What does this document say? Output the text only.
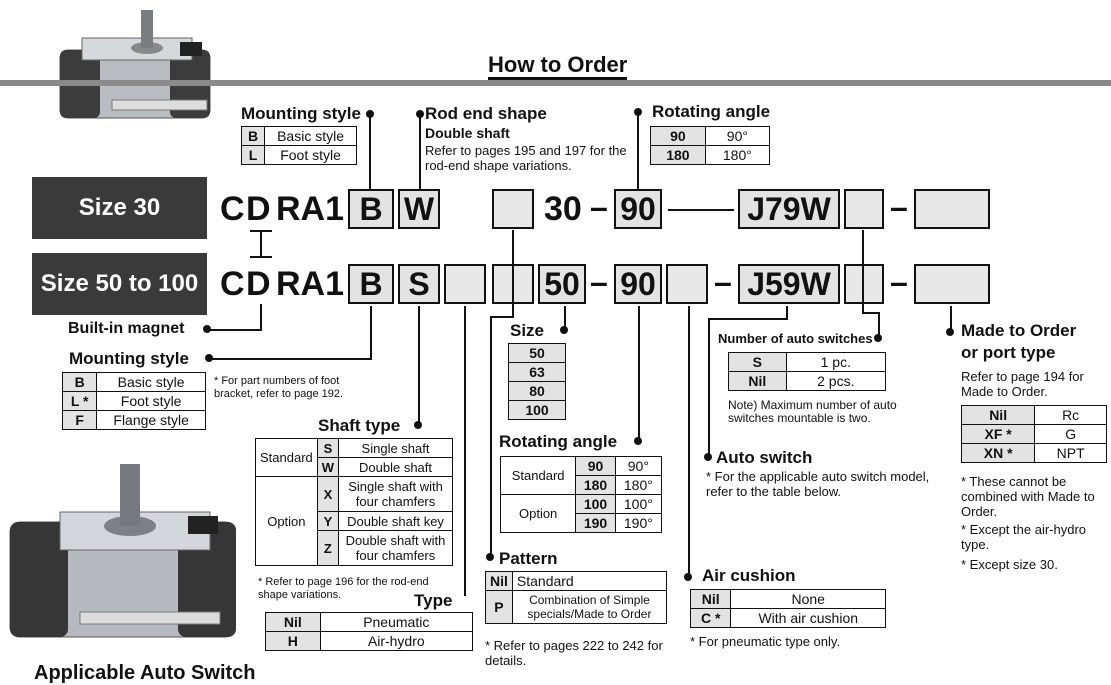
How to Order
Mounting style
B	Basic style
L	Foot style
Rod end shape
Double shaft
Refer to pages 195 and 197 for the rod-end shape variations.
Rotating angle
90	90°
180	180°
Size 30	C D RA1 B W	30 – 90	J79W –
Size 50 to 100 C D RA1 B S	50 – 90 – J59W –
Built-in magnet
Mounting style
B	Basic style
L *	Foot style
F	Flange style
* For part numbers of foot bracket, refer to page 192.
Shaft type
Standard	S	Single shaft
	W	Double shaft
Option	X	Single shaft with four chamfers
	Y	Double shaft key
	Z	Double shaft with four chamfers
* Refer to page 196 for the rod-end shape variations.	Type
Nil	Pneumatic
H	Air-hydro
Size
50
63
80
100
Rotating angle
Standard	90	90°
	180	180°
Option	100	100°
	190	190°
Pattern
Nil	Standard
P	Combination of Simple specials/Made to Order
* Refer to pages 222 to 242 for details.
Number of auto switches
S	1 pc.
Nil	2 pcs.
Note) Maximum number of auto switches mountable is two.
Auto switch
* For the applicable auto switch model, refer to the table below.
Air cushion
Nil	None
C *	With air cushion
* For pneumatic type only.
Made to Order
or port type
Refer to page 194 for Made to Order.
Nil	Rc
XF *	G
XN *	NPT
* These cannot be combined with Made to Order.
* Except the air-hydro type.
* Except size 30.
Applicable Auto Switch
